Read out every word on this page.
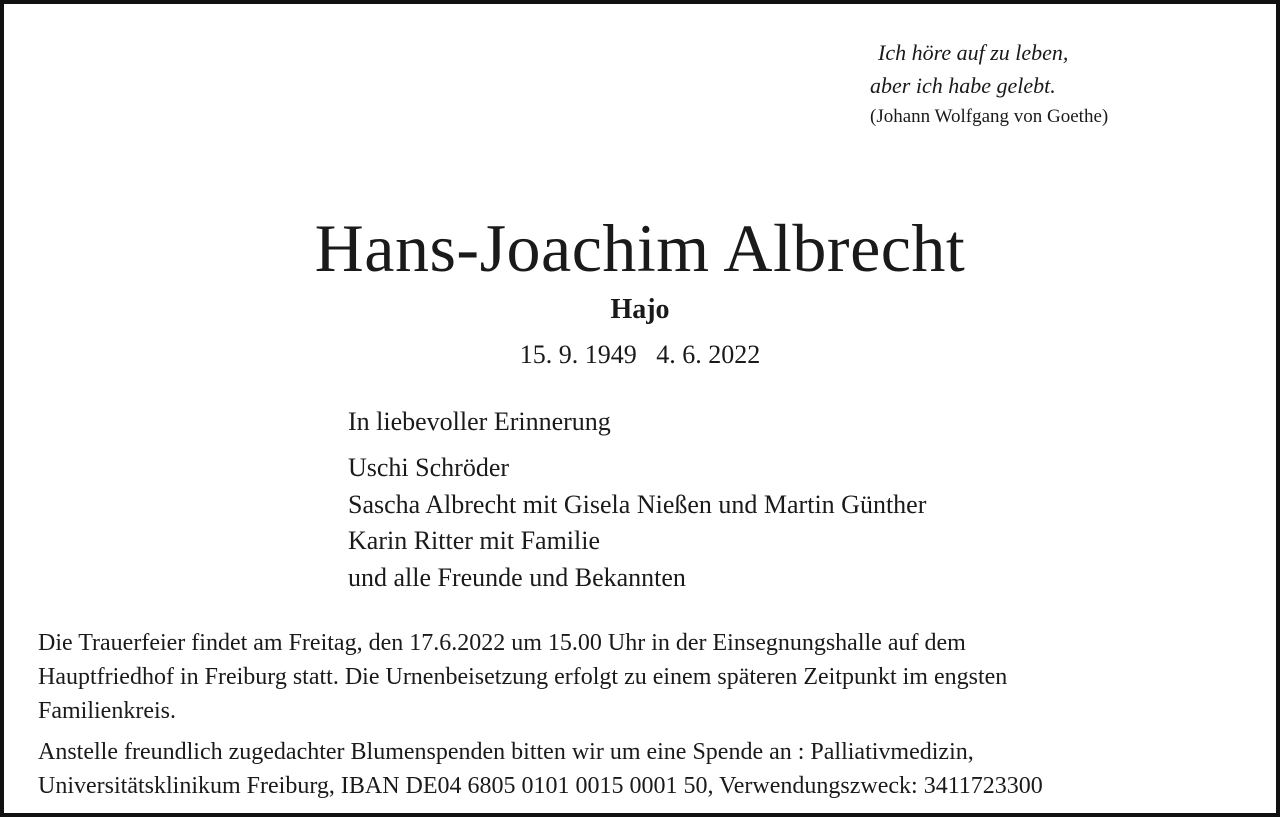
Ich höre auf zu leben,
aber ich habe gelebt.
(Johann Wolfgang von Goethe)
Hans-Joachim Albrecht
Hajo
15. 9. 1949   4. 6. 2022
In liebevoller Erinnerung
Uschi Schröder
Sascha Albrecht mit Gisela Nießen und Martin Günther
Karin Ritter mit Familie
und alle Freunde und Bekannten
Die Trauerfeier findet am Freitag, den 17.6.2022 um 15.00 Uhr in der Einsegnungshalle auf dem
Hauptfriedhof in Freiburg statt. Die Urnenbeisetzung erfolgt zu einem späteren Zeitpunkt im engsten
Familienkreis.
Anstelle freundlich zugedachter Blumenspenden bitten wir um eine Spende an : Palliativmedizin,
Universitätsklinikum Freiburg, IBAN DE04 6805 0101 0015 0001 50, Verwendungszweck: 3411723300
